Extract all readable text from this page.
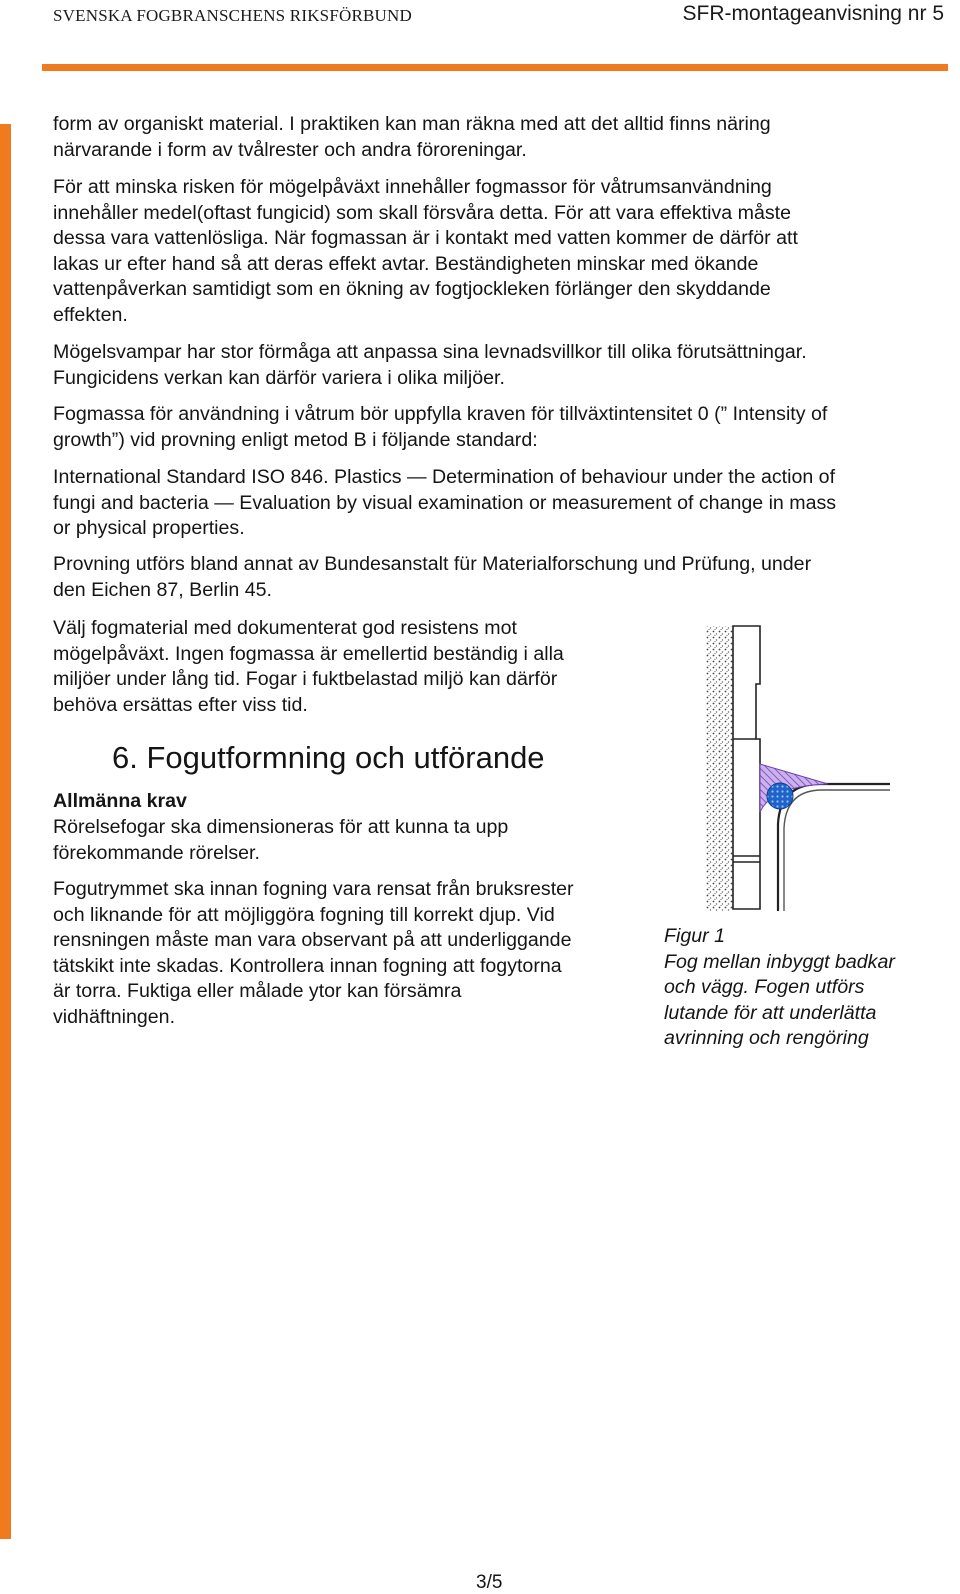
SVENSKA FOGBRANSCHENS RIKSFÖRBUND	SFR-montageanvisning nr 5
form av organiskt material. I praktiken kan man räkna med att det alltid finns näring
närvarande i form av tvålrester och andra föroreningar.
För att minska risken för mögelpåväxt innehåller fogmassor för våtrumsanvändning
innehåller medel(oftast fungicid) som skall försvåra detta. För att vara effektiva måste
dessa vara vattenlösliga. När fogmassan är i kontakt med vatten kommer de därför att
lakas ur efter hand så att deras effekt avtar. Beständigheten minskar med ökande
vattenpåverkan samtidigt som en ökning av fogtjockleken förlänger den skyddande
effekten.
Mögelsvampar har stor förmåga att anpassa sina levnadsvillkor till olika förutsättningar.
Fungicidens verkan kan därför variera i olika miljöer.
Fogmassa för användning i våtrum bör uppfylla kraven för tillväxtintensitet 0 (” Intensity of
growth”) vid provning enligt metod B i följande standard:
International Standard ISO 846. Plastics — Determination of behaviour under the action of
fungi and bacteria — Evaluation by visual examination or measurement of change in mass
or physical properties.
Provning utförs bland annat av Bundesanstalt für Materialforschung und Prüfung, under
den Eichen 87, Berlin 45.
Välj fogmaterial med dokumenterat god resistens mot
mögelpåväxt. Ingen fogmassa är emellertid beständig i alla
miljöer under lång tid. Fogar i fuktbelastad miljö kan därför
behöva ersättas efter viss tid.
6. Fogutformning och utförande
Allmänna krav
Rörelsefogar ska dimensioneras för att kunna ta upp
förekommande rörelser.
Fogutrymmet ska innan fogning vara rensat från bruksrester
och liknande för att möjliggöra fogning till korrekt djup. Vid
rensningen måste man vara observant på att underliggande
tätskikt inte skadas. Kontrollera innan fogning att fogytorna
är torra. Fuktiga eller målade ytor kan försämra
vidhäftningen.
Figur 1
Fog mellan inbyggt badkar
och vägg. Fogen utförs
lutande för att underlätta
avrinning och rengöring
3/5
